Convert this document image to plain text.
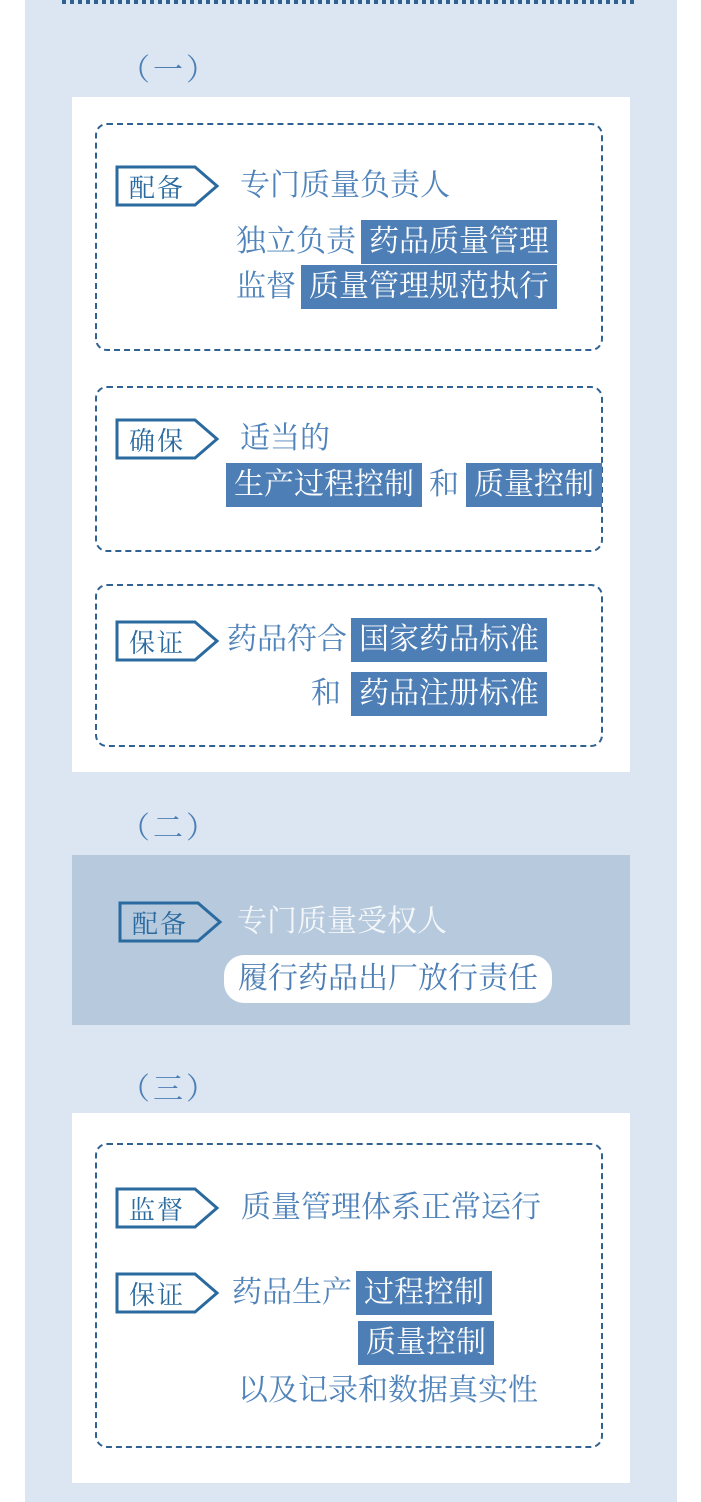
（一）
配备	专门质量负责人
独立负责 药品质量管理
监督 质量管理规范执行
确保	适当的
生产过程控制 和 质量控制
保证	药品符合 国家药品标准
和 药品注册标准
（二）
配备	专门质量受权人
履行药品出厂放行责任
（三）
监督	质量管理体系正常运行
保证	药品生产 过程控制
质量控制
以及记录和数据真实性
